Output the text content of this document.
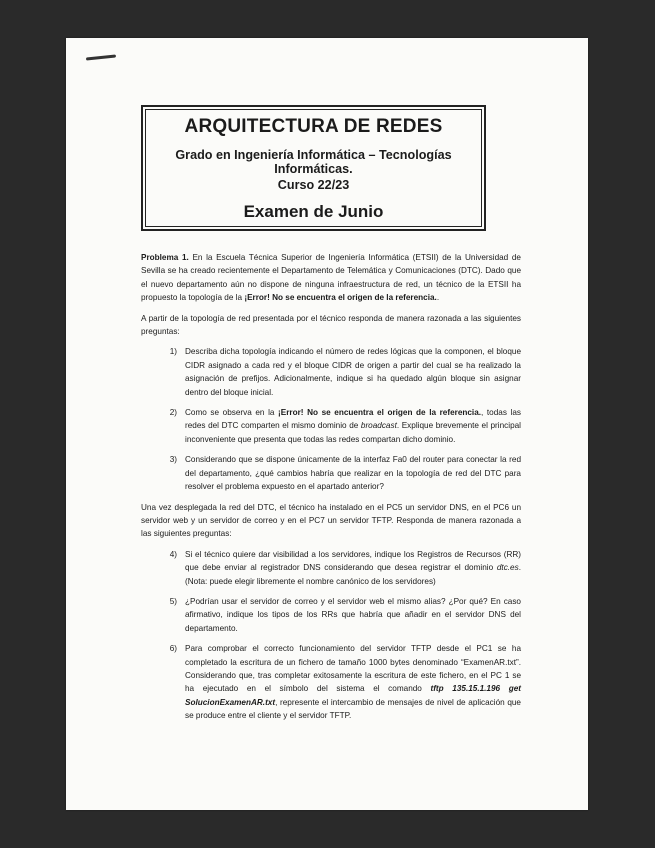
ARQUITECTURA DE REDES

Grado en Ingeniería Informática – Tecnologías Informáticas.

Curso 22/23

Examen de Junio

Problema 1. En la Escuela Técnica Superior de Ingeniería Informática (ETSII) de la Universidad de Sevilla se ha creado recientemente el Departamento de Telemática y Comunicaciones (DTC). Dado que el nuevo departamento aún no dispone de ninguna infraestructura de red, un técnico de la ETSII ha propuesto la topología de la ¡Error! No se encuentra el origen de la referencia..

A partir de la topología de red presentada por el técnico responda de manera razonada a las siguientes preguntas:

1) Describa dicha topología indicando el número de redes lógicas que la componen, el bloque CIDR asignado a cada red y el bloque CIDR de origen a partir del cual se ha realizado la asignación de prefijos. Adicionalmente, indique si ha quedado algún bloque sin asignar dentro del bloque inicial.
2) Como se observa en la ¡Error! No se encuentra el origen de la referencia., todas las redes del DTC comparten el mismo dominio de broadcast. Explique brevemente el principal inconveniente que presenta que todas las redes compartan dicho dominio.
3) Considerando que se dispone únicamente de la interfaz Fa0 del router para conectar la red del departamento, ¿qué cambios habría que realizar en la topología de red del DTC para resolver el problema expuesto en el apartado anterior?

Una vez desplegada la red del DTC, el técnico ha instalado en el PC5 un servidor DNS, en el PC6 un servidor web y un servidor de correo y en el PC7 un servidor TFTP. Responda de manera razonada a las siguientes preguntas:

4) Si el técnico quiere dar visibilidad a los servidores, indique los Registros de Recursos (RR) que debe enviar al registrador DNS considerando que desea registrar el dominio dtc.es. (Nota: puede elegir libremente el nombre canónico de los servidores)
5) ¿Podrían usar el servidor de correo y el servidor web el mismo alias? ¿Por qué? En caso afirmativo, indique los tipos de los RRs que habría que añadir en el servidor DNS del departamento.
6) Para comprobar el correcto funcionamiento del servidor TFTP desde el PC1 se ha completado la escritura de un fichero de tamaño 1000 bytes denominado “ExamenAR.txt”. Considerando que, tras completar exitosamente la escritura de este fichero, en el PC 1 se ha ejecutado en el símbolo del sistema el comando tftp 135.15.1.196 get SolucionExamenAR.txt, represente el intercambio de mensajes de nivel de aplicación que se produce entre el cliente y el servidor TFTP.
